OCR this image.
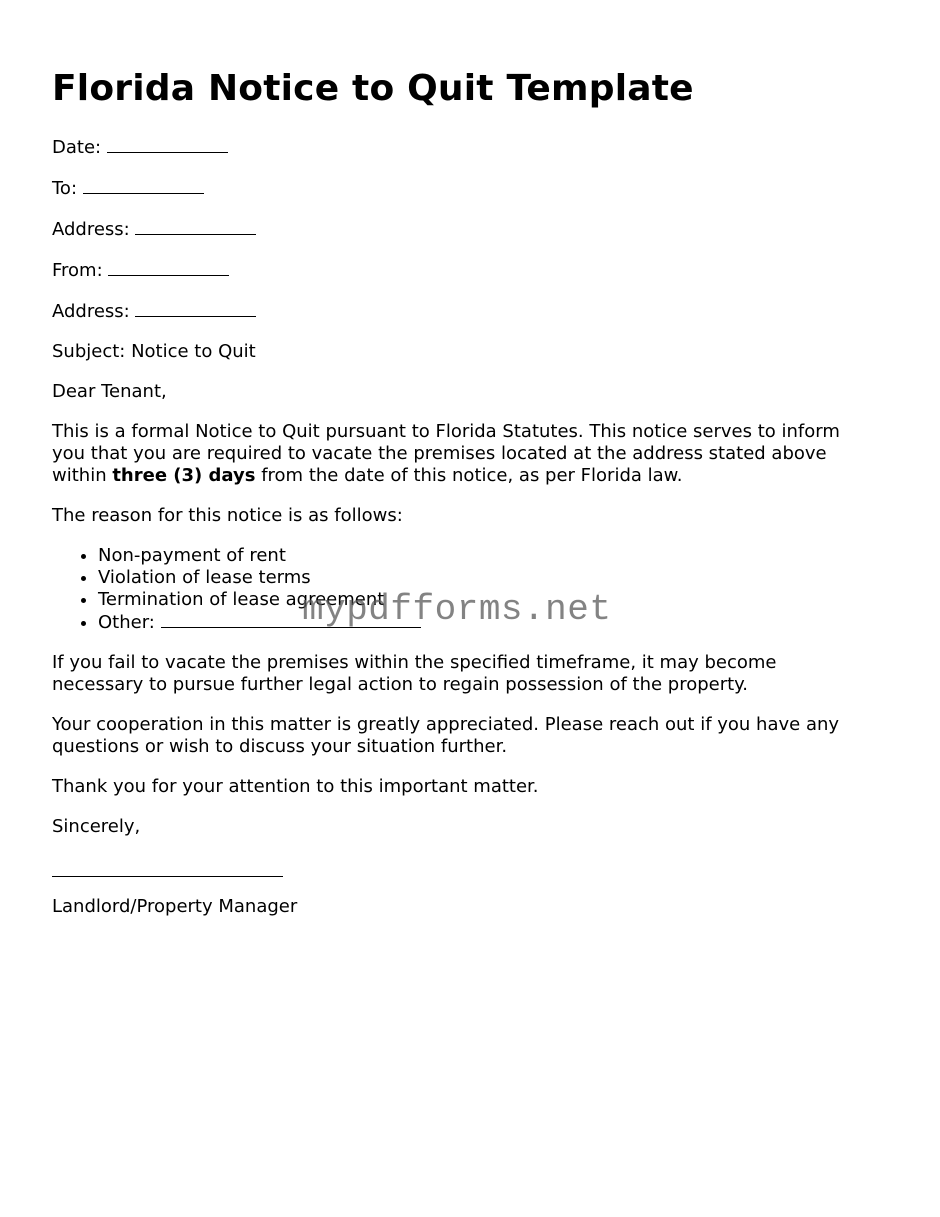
Florida Notice to Quit Template
Date:
To:
Address:
From:
Address:

Subject: Notice to Quit

Dear Tenant,

This is a formal Notice to Quit pursuant to Florida Statutes. This notice serves to inform you that you are required to vacate the premises located at the address stated above within three (3) days from the date of this notice, as per Florida law.

The reason for this notice is as follows:

• Non-payment of rent
• Violation of lease terms
• Termination of lease agreement
• Other:

If you fail to vacate the premises within the specified timeframe, it may become necessary to pursue further legal action to regain possession of the property.

Your cooperation in this matter is greatly appreciated. Please reach out if you have any questions or wish to discuss your situation further.

Thank you for your attention to this important matter.

Sincerely,

Landlord/Property Manager

mypdfforms.net
